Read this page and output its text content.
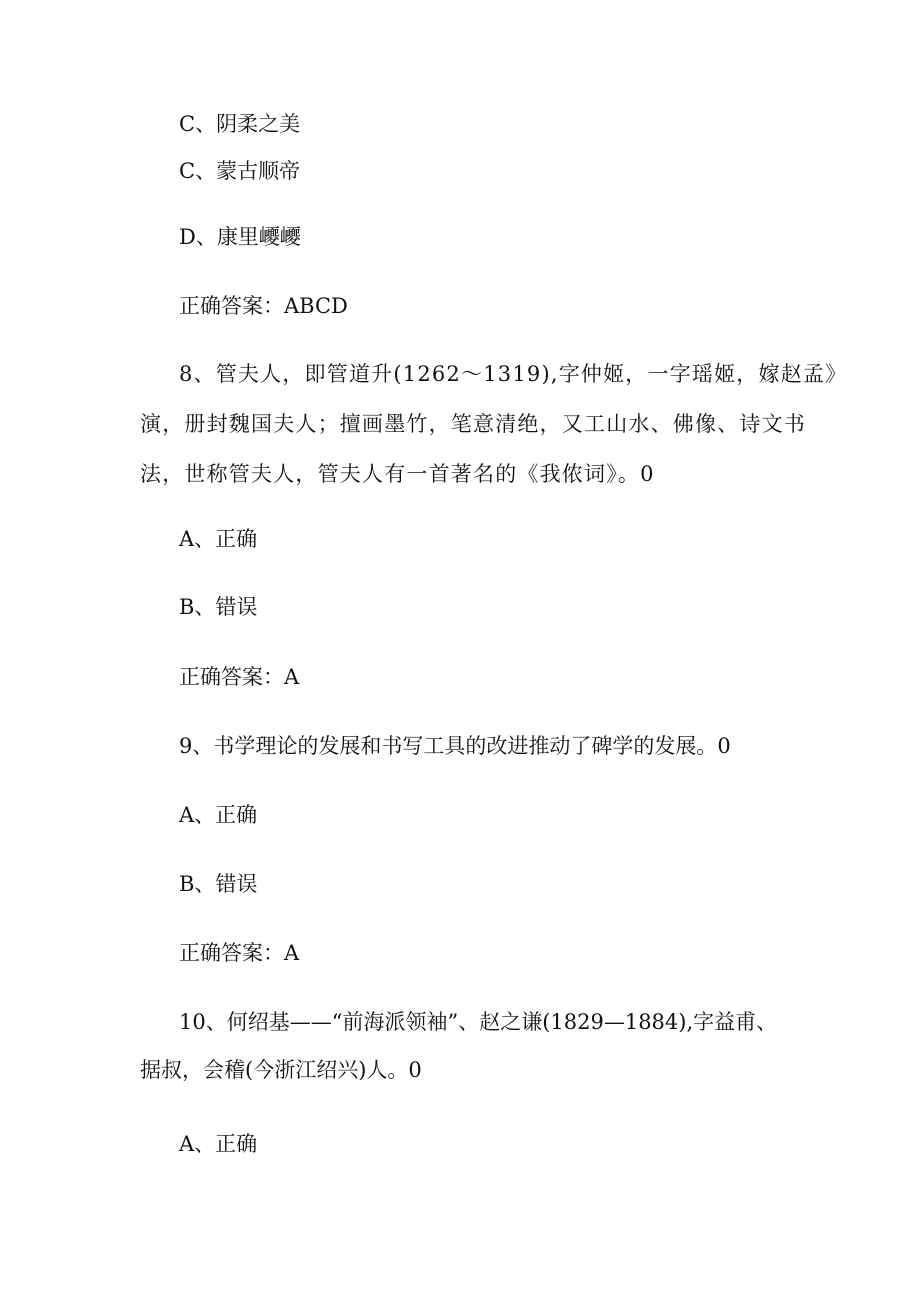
C、阴柔之美
C、蒙古顺帝
D、康里巎巎
正确答案：ABCD
8、管夫人，即管道升(1262～1319),字仲姬，一字瑶姬，嫁赵孟》
演，册封魏国夫人；擅画墨竹，笔意清绝，又工山水、佛像、诗文书
法，世称管夫人，管夫人有一首著名的《我侬词》。0
A、正确
B、错误
正确答案：A
9、书学理论的发展和书写工具的改进推动了碑学的发展。0
A、正确
B、错误
正确答案：A
10、何绍基——“前海派领袖”、赵之谦(1829—1884),字益甫、
据叔，会稽(今浙江绍兴)人。0
A、正确
